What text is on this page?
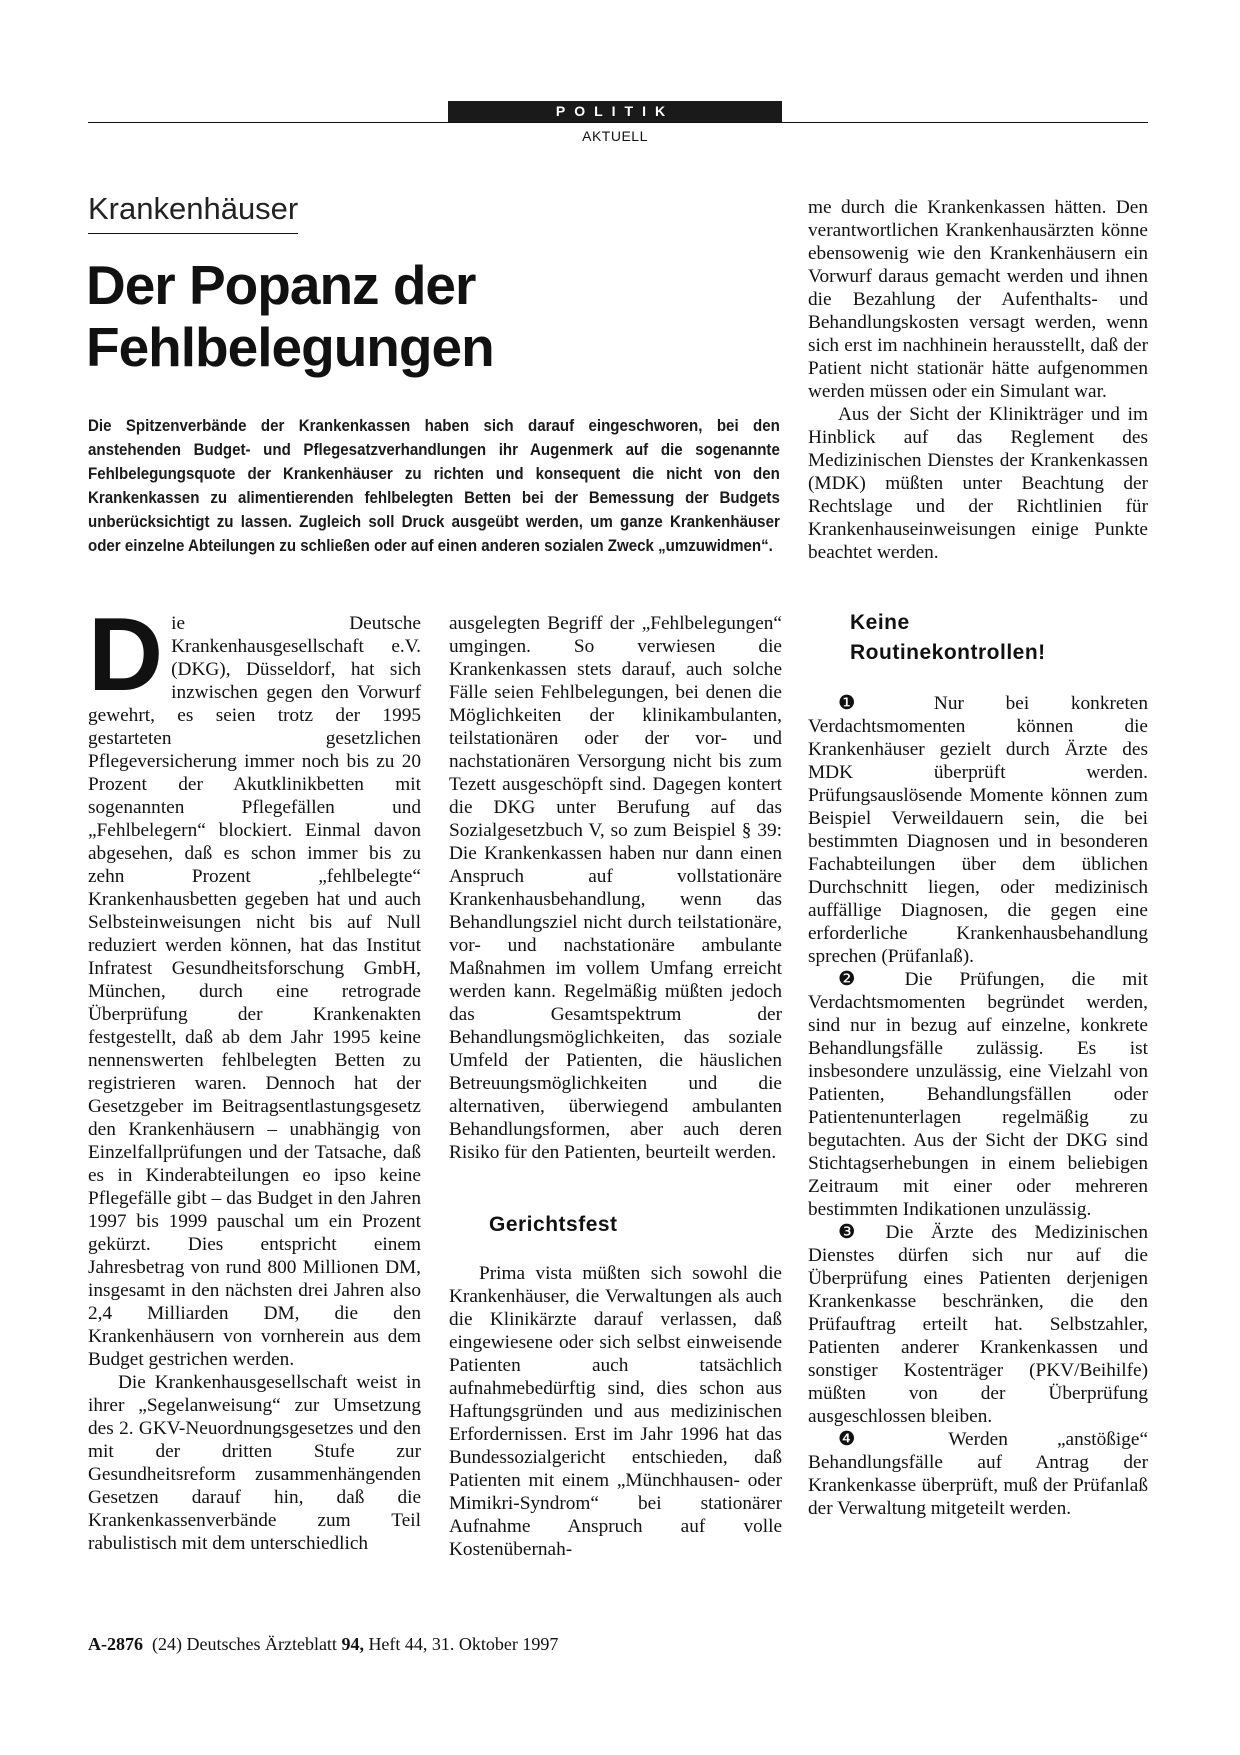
POLITIK
AKTUELL
Krankenhäuser
Der Popanz der
Fehlbelegungen

Die Spitzenverbände der Krankenkassen haben sich darauf eingeschworen, bei den anstehenden Budget- und Pflegesatzverhandlungen ihr Augenmerk auf die sogenannte Fehlbelegungsquote der Krankenhäuser zu richten und konsequent die nicht von den Krankenkassen zu alimentierenden fehlbelegten Betten bei der Bemessung der Budgets unberücksichtigt zu lassen. Zugleich soll Druck ausgeübt werden, um ganze Krankenhäuser oder einzelne Abteilungen zu schließen oder auf einen anderen sozialen Zweck „umzuwidmen“.

Die Deutsche Krankenhausgesellschaft e.V. (DKG), Düsseldorf, hat sich inzwischen gegen den Vorwurf gewehrt, es seien trotz der 1995 gestarteten gesetzlichen Pflegeversicherung immer noch bis zu 20 Prozent der Akutklinikbetten mit sogenannten Pflegefällen und „Fehlbelegern“ blockiert. Einmal davon abgesehen, daß es schon immer bis zu zehn Prozent „fehlbelegte“ Krankenhausbetten gegeben hat und auch Selbsteinweisungen nicht bis auf Null reduziert werden können, hat das Institut Infratest Gesundheitsforschung GmbH, München, durch eine retrograde Überprüfung der Krankenakten festgestellt, daß ab dem Jahr 1995 keine nennenswerten fehlbelegten Betten zu registrieren waren. Dennoch hat der Gesetzgeber im Beitragsentlastungsgesetz den Krankenhäusern – unabhängig von Einzelfallprüfungen und der Tatsache, daß es in Kinderabteilungen eo ipso keine Pflegefälle gibt – das Budget in den Jahren 1997 bis 1999 pauschal um ein Prozent gekürzt. Dies entspricht einem Jahresbetrag von rund 800 Millionen DM, insgesamt in den nächsten drei Jahren also 2,4 Milliarden DM, die den Krankenhäusern von vornherein aus dem Budget gestrichen werden.

Die Krankenhausgesellschaft weist in ihrer „Segelanweisung“ zur Umsetzung des 2. GKV-Neuordnungsgesetzes und den mit der dritten Stufe zur Gesundheitsreform zusammenhängenden Gesetzen darauf hin, daß die Krankenkassenverbände zum Teil rabulistisch mit dem unterschiedlich

ausgelegten Begriff der „Fehlbelegungen“ umgingen. So verwiesen die Krankenkassen stets darauf, auch solche Fälle seien Fehlbelegungen, bei denen die Möglichkeiten der klinikambulanten, teilstationären oder der vor- und nachstationären Versorgung nicht bis zum Tezett ausgeschöpft sind. Dagegen kontert die DKG unter Berufung auf das Sozialgesetzbuch V, so zum Beispiel § 39: Die Krankenkassen haben nur dann einen Anspruch auf vollstationäre Krankenhausbehandlung, wenn das Behandlungsziel nicht durch teilstationäre, vor- und nachstationäre ambulante Maßnahmen im vollem Umfang erreicht werden kann. Regelmäßig müßten jedoch das Gesamtspektrum der Behandlungsmöglichkeiten, das soziale Umfeld der Patienten, die häuslichen Betreuungsmöglichkeiten und die alternativen, überwiegend ambulanten Behandlungsformen, aber auch deren Risiko für den Patienten, beurteilt werden.

Gerichtsfest

Prima vista müßten sich sowohl die Krankenhäuser, die Verwaltungen als auch die Klinikärzte darauf verlassen, daß eingewiesene oder sich selbst einweisende Patienten auch tatsächlich aufnahmebedürftig sind, dies schon aus Haftungsgründen und aus medizinischen Erfordernissen. Erst im Jahr 1996 hat das Bundessozialgericht entschieden, daß Patienten mit einem „Münchhausen- oder Mimikri-Syndrom“ bei stationärer Aufnahme Anspruch auf volle Kostenübernah-

me durch die Krankenkassen hätten. Den verantwortlichen Krankenhausärzten könne ebensowenig wie den Krankenhäusern ein Vorwurf daraus gemacht werden und ihnen die Bezahlung der Aufenthalts- und Behandlungskosten versagt werden, wenn sich erst im nachhinein herausstellt, daß der Patient nicht stationär hätte aufgenommen werden müssen oder ein Simulant war.

Aus der Sicht der Klinikträger und im Hinblick auf das Reglement des Medizinischen Dienstes der Krankenkassen (MDK) müßten unter Beachtung der Rechtslage und der Richtlinien für Krankenhauseinweisungen einige Punkte beachtet werden.

Keine
Routinekontrollen!

❶ Nur bei konkreten Verdachtsmomenten können die Krankenhäuser gezielt durch Ärzte des MDK überprüft werden. Prüfungsauslösende Momente können zum Beispiel Verweildauern sein, die bei bestimmten Diagnosen und in besonderen Fachabteilungen über dem üblichen Durchschnitt liegen, oder medizinisch auffällige Diagnosen, die gegen eine erforderliche Krankenhausbehandlung sprechen (Prüfanlaß).

❷ Die Prüfungen, die mit Verdachtsmomenten begründet werden, sind nur in bezug auf einzelne, konkrete Behandlungsfälle zulässig. Es ist insbesondere unzulässig, eine Vielzahl von Patienten, Behandlungsfällen oder Patientenunterlagen regelmäßig zu begutachten. Aus der Sicht der DKG sind Stichtagserhebungen in einem beliebigen Zeitraum mit einer oder mehreren bestimmten Indikationen unzulässig.

❸ Die Ärzte des Medizinischen Dienstes dürfen sich nur auf die Überprüfung eines Patienten derjenigen Krankenkasse beschränken, die den Prüfauftrag erteilt hat. Selbstzahler, Patienten anderer Krankenkassen und sonstiger Kostenträger (PKV/Beihilfe) müßten von der Überprüfung ausgeschlossen bleiben.

❹ Werden „anstößige“ Behandlungsfälle auf Antrag der Krankenkasse überprüft, muß der Prüfanlaß der Verwaltung mitgeteilt werden.

A-2876 (24) Deutsches Ärzteblatt 94, Heft 44, 31. Oktober 1997
